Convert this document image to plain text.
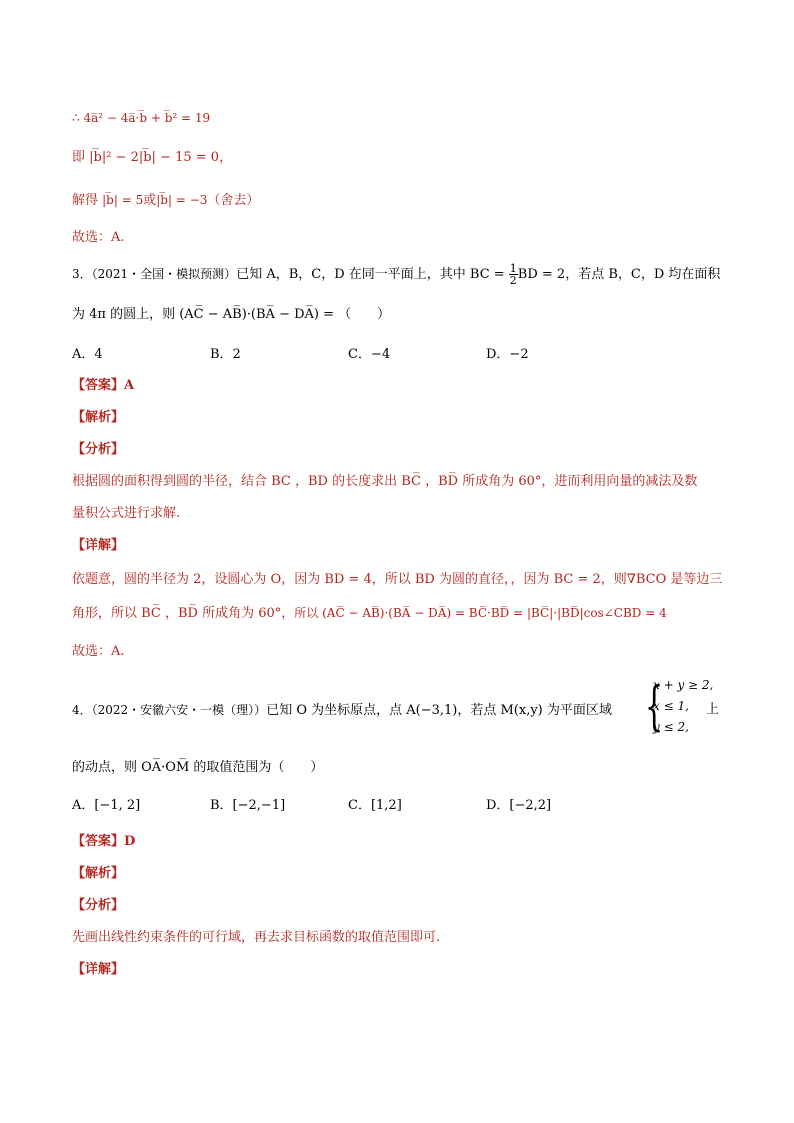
∴ 4a̅² − 4a̅·b̅ + b̅² = 19
即 |b̅|² − 2|b̅| − 15 = 0，
解得 |b̅| = 5或|b̅| = −3（舍去）
故选：A.
3．（2021・全国・模拟预测）已知 A，B，C，D 在同一平面上，其中 BC = $\frac{1}{2}$ BD = 2，若点 B，C，D 均在面积
为 4π 的圆上，则 (AC̅ − AB̅)·(BA̅ − DA̅) = （　　）
A．4	B．2	C．−4	D．−2
【答案】A
【解析】
【分析】
根据圆的面积得到圆的半径，结合 BC ，BD 的长度求出 BC̅ ，BD̅ 所成角为 60°，进而利用向量的减法及数
量积公式进行求解.
【详解】
依题意，圆的半径为 2，设圆心为 O，因为 BD = 4，所以 BD 为圆的直径，，因为 BC = 2，则∇BCO 是等边三
角形，所以 BC̅ ，BD̅ 所成角为 60°，所以 (AC̅ − AB̅)·(BA̅ − DA̅) = BC̅·BD̅ = |BC̅|·|BD̅|cos∠CBD = 4
故选：A.
4．（2022・安徽六安・一模（理））已知 O 为坐标原点，点 A(−3,1)，若点 M(x,y) 为平面区域 {
x + y ≥ 2,
x ≤ 1,
y ≤ 2,
上
的动点，则 OA̅·OM̅ 的取值范围为（　　）
A．[−1, 2]	B．[−2,−1]	C．[1,2]	D．[−2,2]
【答案】D
【解析】
【分析】
先画出线性约束条件的可行域，再去求目标函数的取值范围即可.
【详解】
